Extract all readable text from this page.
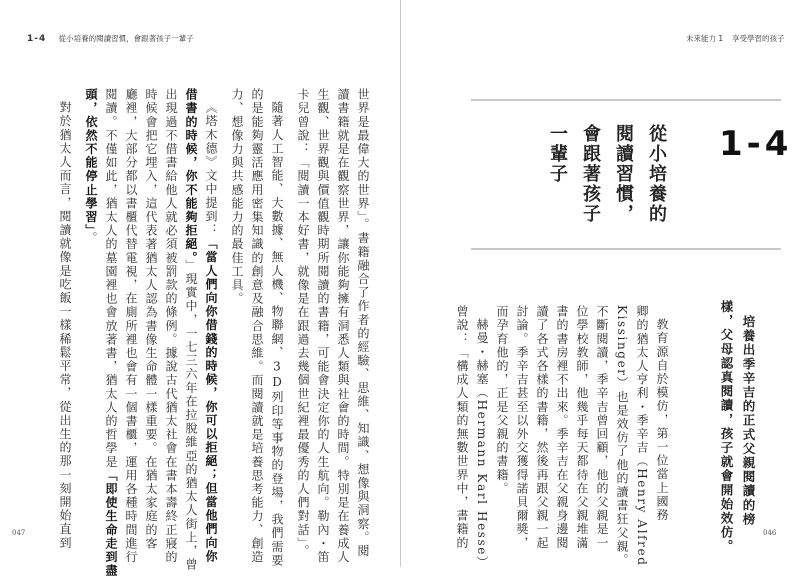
1-4 從小培養的閱讀習慣，會跟著孩子一輩子
世界是最偉大的世界」。書籍融合了作者的經驗、思維、知識、想像與洞察。閱
讀書籍就是在觀察世界，讓你能夠擁有洞悉人類與社會的時間。特別是在養成人
生觀、世界觀與價值觀時期所閱讀的書籍，可能會決定你的人生航向。勒內・笛
卡兒曾說：「閱讀一本好書，就像是在跟過去幾個世紀裡最優秀的人們對話」。
隨著人工智能、大數據、無人機、物聯網、3D列印等事物的登場，我們需要
的是能夠靈活應用密集知識的創意及融合思維。而閱讀就是培養思考能力、創造
力、想像力與共感能力的最佳工具。
《塔木德》文中提到：「當人們向你借錢的時候，你可以拒絕；但當他們向你
借書的時候，你不能夠拒絕。」現實中，一七三六年在拉脫維亞的猶太人街上，曾
出現過不借書給他人就必須被罰款的條例。據說古代猶太社會在書本壽終正寢的
時候會把它埋入，這代表著猶太人認為書像生命體一樣重要。在猶太家庭的客
廳裡，大部分都以書櫃代替電視，在廁所裡也會有一個書櫃，運用各種時間進行
閱讀。不僅如此，猶太人的墓園裡也會放著書，猶太人的哲學是「即使生命走到盡
頭，依然不能停止學習」。
對於猶太人而言，閱讀就像是吃飯一樣稀鬆平常，從出生的那一刻開始直到
047
未來能力 1 享受學習的孩子
1-4
從小培養的
閱讀習慣，
會跟著孩子
一輩子
培養出季辛吉的正式父親閱讀的榜
樣，父母認真閱讀，孩子就會開始效仿。
教育源自於模仿，第一位當上國務
卿的猶太人亨利・季辛吉（Henry Alfred
Kissinger）也是效仿了他的讀書狂父親。
不斷閱讀，季辛吉曾回顧，他的父親是一
位學校教師，他幾乎每天都待在父親堆滿
書的書房裡不出來。季辛吉在父親身邊閱
讀了各式各樣的書籍，然後再跟父親一起
討論。季辛吉甚至以外交獲得諾貝爾獎，
而孕育他的，正是父親的書籍。
赫曼・赫塞（Hermann Karl Hesse）
曾說：「構成人類的無數世界中，書籍的	046
